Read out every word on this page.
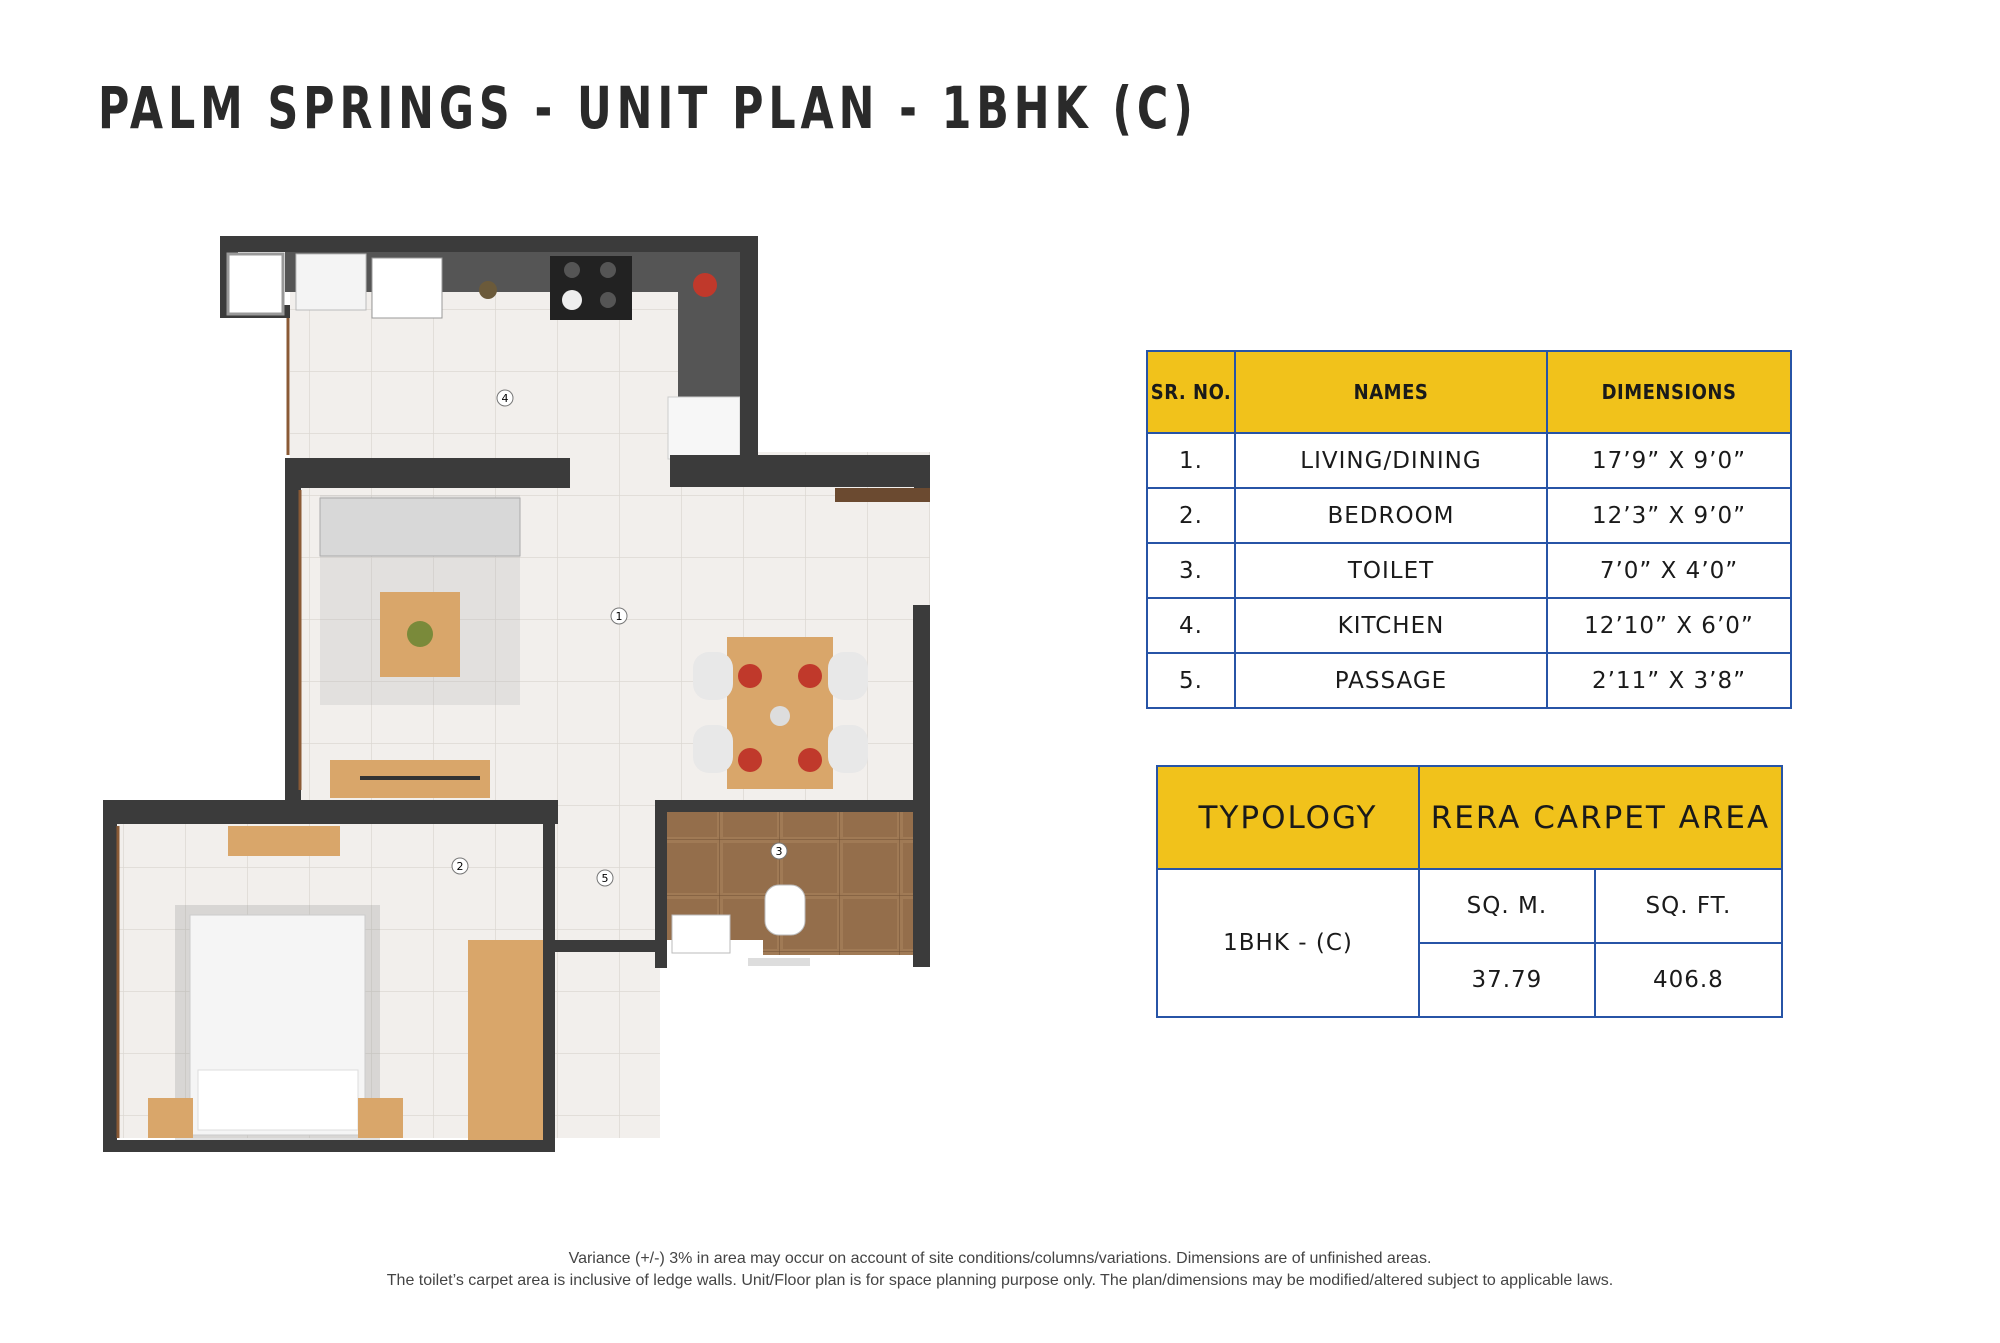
PALM SPRINGS - UNIT PLAN - 1BHK (C)
1
2
3
4
5
SR. NO.	NAMES	DIMENSIONS
1.	LIVING/DINING	17’9” X 9’0”
2.	BEDROOM	12’3” X 9’0”
3.	TOILET	7’0” X 4’0”
4.	KITCHEN	12’10” X 6’0”
5.	PASSAGE	2’11” X 3’8”
TYPOLOGY	RERA CARPET AREA	
1BHK - (C)	SQ. M.	SQ. FT.
	37.79	406.8
Variance (+/-) 3% in area may occur on account of site conditions/columns/variations. Dimensions are of unfinished areas.
The toilet’s carpet area is inclusive of ledge walls. Unit/Floor plan is for space planning purpose only. The plan/dimensions may be modified/altered subject to applicable laws.
